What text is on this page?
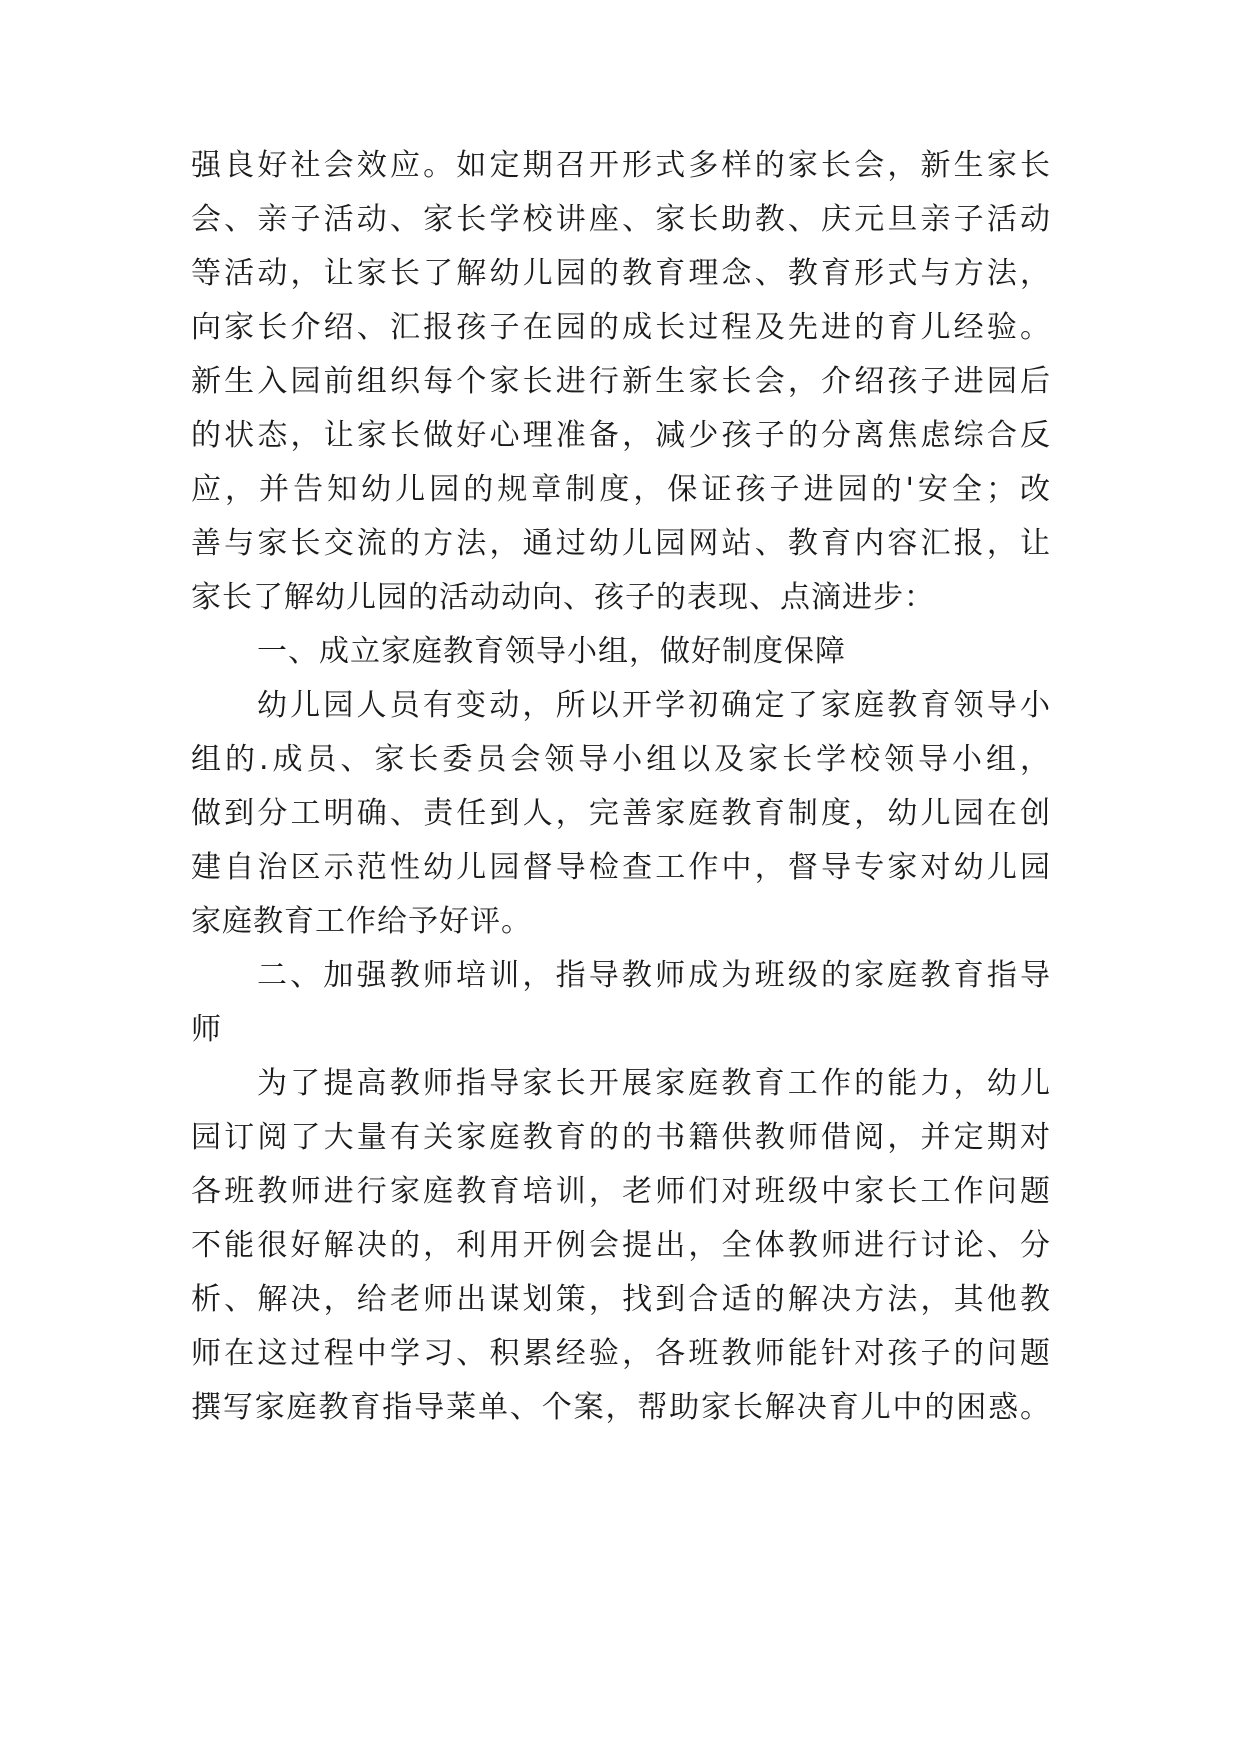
强良好社会效应。如定期召开形式多样的家长会，新生家长
会、亲子活动、家长学校讲座、家长助教、庆元旦亲子活动
等活动，让家长了解幼儿园的教育理念、教育形式与方法，
向家长介绍、汇报孩子在园的成长过程及先进的育儿经验。
新生入园前组织每个家长进行新生家长会，介绍孩子进园后
的状态，让家长做好心理准备，减少孩子的分离焦虑综合反
应，并告知幼儿园的规章制度，保证孩子进园的'安全；改
善与家长交流的方法，通过幼儿园网站、教育内容汇报，让
家长了解幼儿园的活动动向、孩子的表现、点滴进步：
一、成立家庭教育领导小组，做好制度保障
幼儿园人员有变动，所以开学初确定了家庭教育领导小
组的.成员、家长委员会领导小组以及家长学校领导小组，
做到分工明确、责任到人，完善家庭教育制度，幼儿园在创
建自治区示范性幼儿园督导检查工作中，督导专家对幼儿园
家庭教育工作给予好评。
二、加强教师培训，指导教师成为班级的家庭教育指导
师
为了提高教师指导家长开展家庭教育工作的能力，幼儿
园订阅了大量有关家庭教育的的书籍供教师借阅，并定期对
各班教师进行家庭教育培训，老师们对班级中家长工作问题
不能很好解决的，利用开例会提出，全体教师进行讨论、分
析、解决，给老师出谋划策，找到合适的解决方法，其他教
师在这过程中学习、积累经验，各班教师能针对孩子的问题
撰写家庭教育指导菜单、个案，帮助家长解决育儿中的困惑。
